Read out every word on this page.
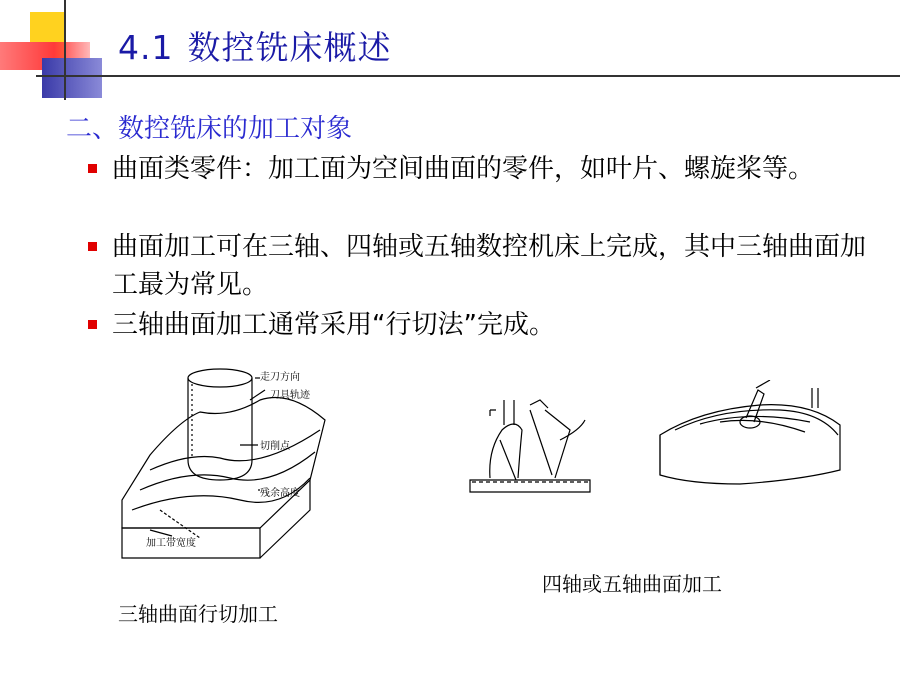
4.1 数控铣床概述
二、数控铣床的加工对象
曲面类零件：加工面为空间曲面的零件，如叶片、螺旋桨等。
曲面加工可在三轴、四轴或五轴数控机床上完成，其中三轴曲面加工最为常见。
三轴曲面加工通常采用“行切法”完成。
走刀方向
刀具轨迹
切削点
残余高度
加工带宽度
三轴曲面行切加工
四轴或五轴曲面加工
